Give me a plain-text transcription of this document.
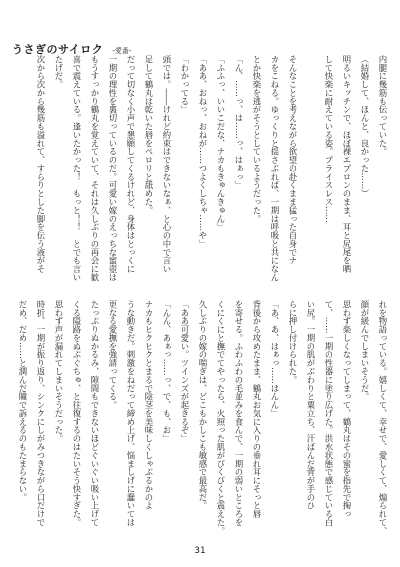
うさぎのサイロク -愛番-

内腿に幾筋も伝っていた。

（結婚して、ほんと、良かった……）

明るいキッチンで、ほぼ裸エプロンのまま、耳と尻尾を晒

して快楽に耐えている姿。プライスレス……

そんなことを考えながら欲望の赴くまま猛った自身でナ

カをこねる。ゆっくりと揺さぶれば、一期は呼吸と共になん

とか快楽を逃がそうとしているようだった。

「ん、……っ、は……っ、はぁっ」

「ふふっ、いいこだな、ナカもきゅんきゅん」

「ああ、おねっ、おねが……つよくしちゃ……や」

「わかってる」

頭では。――けれど約束はできないなぁ、と心の中で言い

足して鶴丸は乾いた唇をペロリと舐めた。

だって切なく小声で懇願してくるけれど、身体はとっくに

一期の理性を裏切っているのだ。可愛い嫁のえっちな蜜壺は

もうすっかり鶴丸を覚えていて、それは久しぶりの再会に歓

喜で震えている。逢いたかった！　もっと！！　とでも言い

たげだ。

次から次から幾筋も溢れて、すらりとした脚を伝う液がそ

れを物語っている。嬉しくて、幸せで、愛しくて、煽られて、

顔が緩んでしまいそうだ。

思わず楽しくなってしまって、鶴丸はその蜜を指先で掬っ

て、……一期の性器に塗り広げた。洪水状態で感じている白

い尻。一期の肌がぶわりと粟立ち、汗ばんだ背が手のひ

らに押し付けられた。

「あ、あ、はぁっ……はんん」

背後から攻めたまま、鶴丸お気に入りの垂れ耳にそっと唇

を寄せる。ふわふわの毛並みを食んで、一期の弱いところを

くにくにと撫でてやったら、火照った肌がびくびくと震えた。

久しぶりの嫁の喘ぎは、どこもかしこも敏感で最高だ。

「ああ可愛い。ツインズが起きるぞ」

「んん、あぁっ……っ、で、も、お」

ナカもヒクヒクとまるで陰茎を美味しくしゃぶるかのよ

うな動きだ。刺激をねだって締め上げ、悩ましげに蠢いては

更なる愛撫を強請ってくる。

たっぷりぬかるみ、隙間もできないほどぐいぐい吸い上げて

くる隘路をぬぷぐちゅ、と往復するのはたいそう快すぎた。

思わず声が漏れてしまいそうだった。

時折、一期が振り返り、シンクにしがみつきながら口だけで

だめ、だめ……と潤んだ瞳で訴えるのもたまらない。

31
